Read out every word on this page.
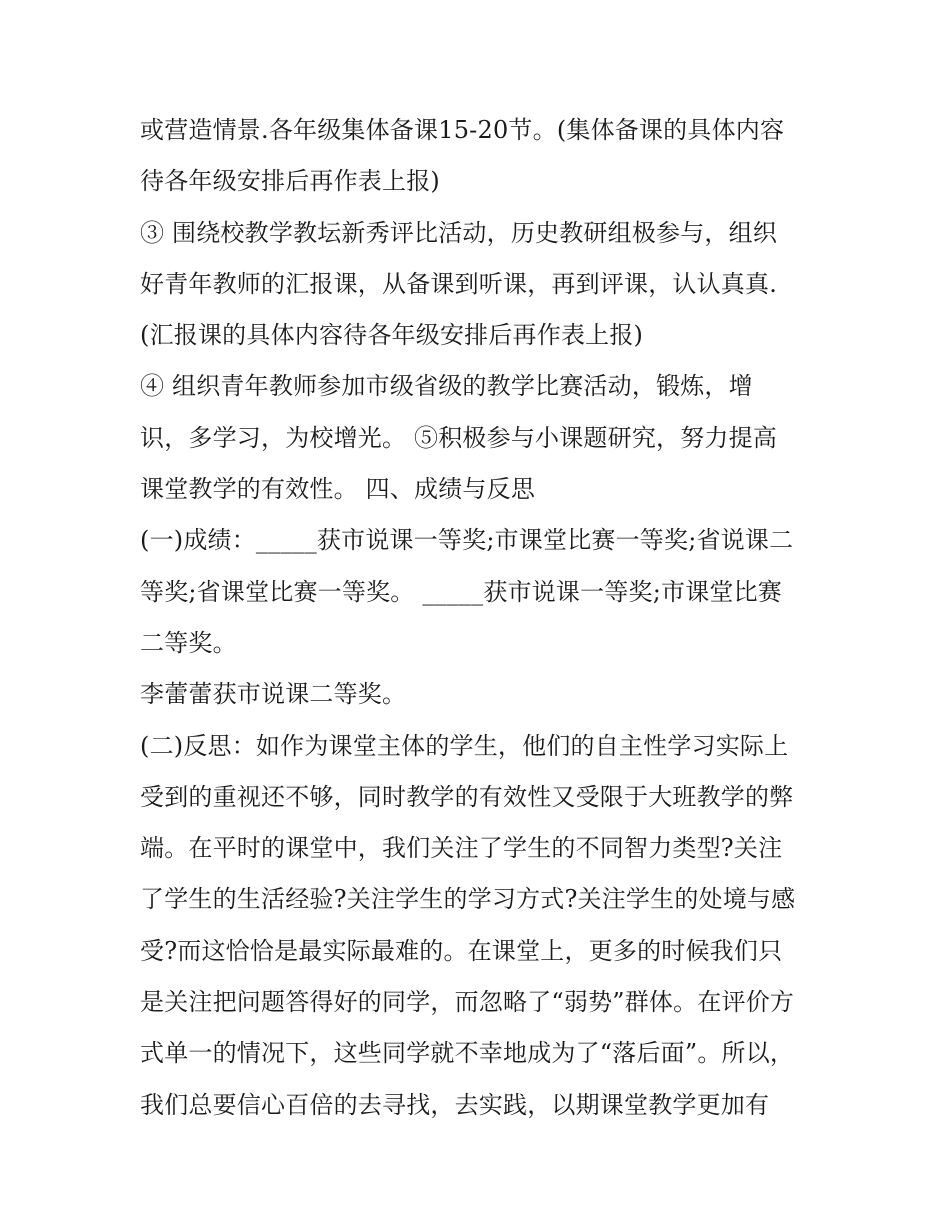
或营造情景.各年级集体备课15-20节。(集体备课的具体内容
待各年级安排后再作表上报)
③ 围绕校教学教坛新秀评比活动，历史教研组极参与，组织
好青年教师的汇报课，从备课到听课，再到评课，认认真真.
(汇报课的具体内容待各年级安排后再作表上报)
④ 组织青年教师参加市级省级的教学比赛活动，锻炼，增
识，多学习，为校增光。 ⑤积极参与小课题研究，努力提高
课堂教学的有效性。 四、成绩与反思
(一)成绩：_____获市说课一等奖;市课堂比赛一等奖;省说课二
等奖;省课堂比赛一等奖。 _____获市说课一等奖;市课堂比赛
二等奖。
李蕾蕾获市说课二等奖。
(二)反思：如作为课堂主体的学生，他们的自主性学习实际上
受到的重视还不够，同时教学的有效性又受限于大班教学的弊
端。在平时的课堂中，我们关注了学生的不同智力类型?关注
了学生的生活经验?关注学生的学习方式?关注学生的处境与感
受?而这恰恰是最实际最难的。在课堂上，更多的时候我们只
是关注把问题答得好的同学，而忽略了“弱势”群体。在评价方
式单一的情况下，这些同学就不幸地成为了“落后面”。所以，
我们总要信心百倍的去寻找，去实践，以期课堂教学更加有
